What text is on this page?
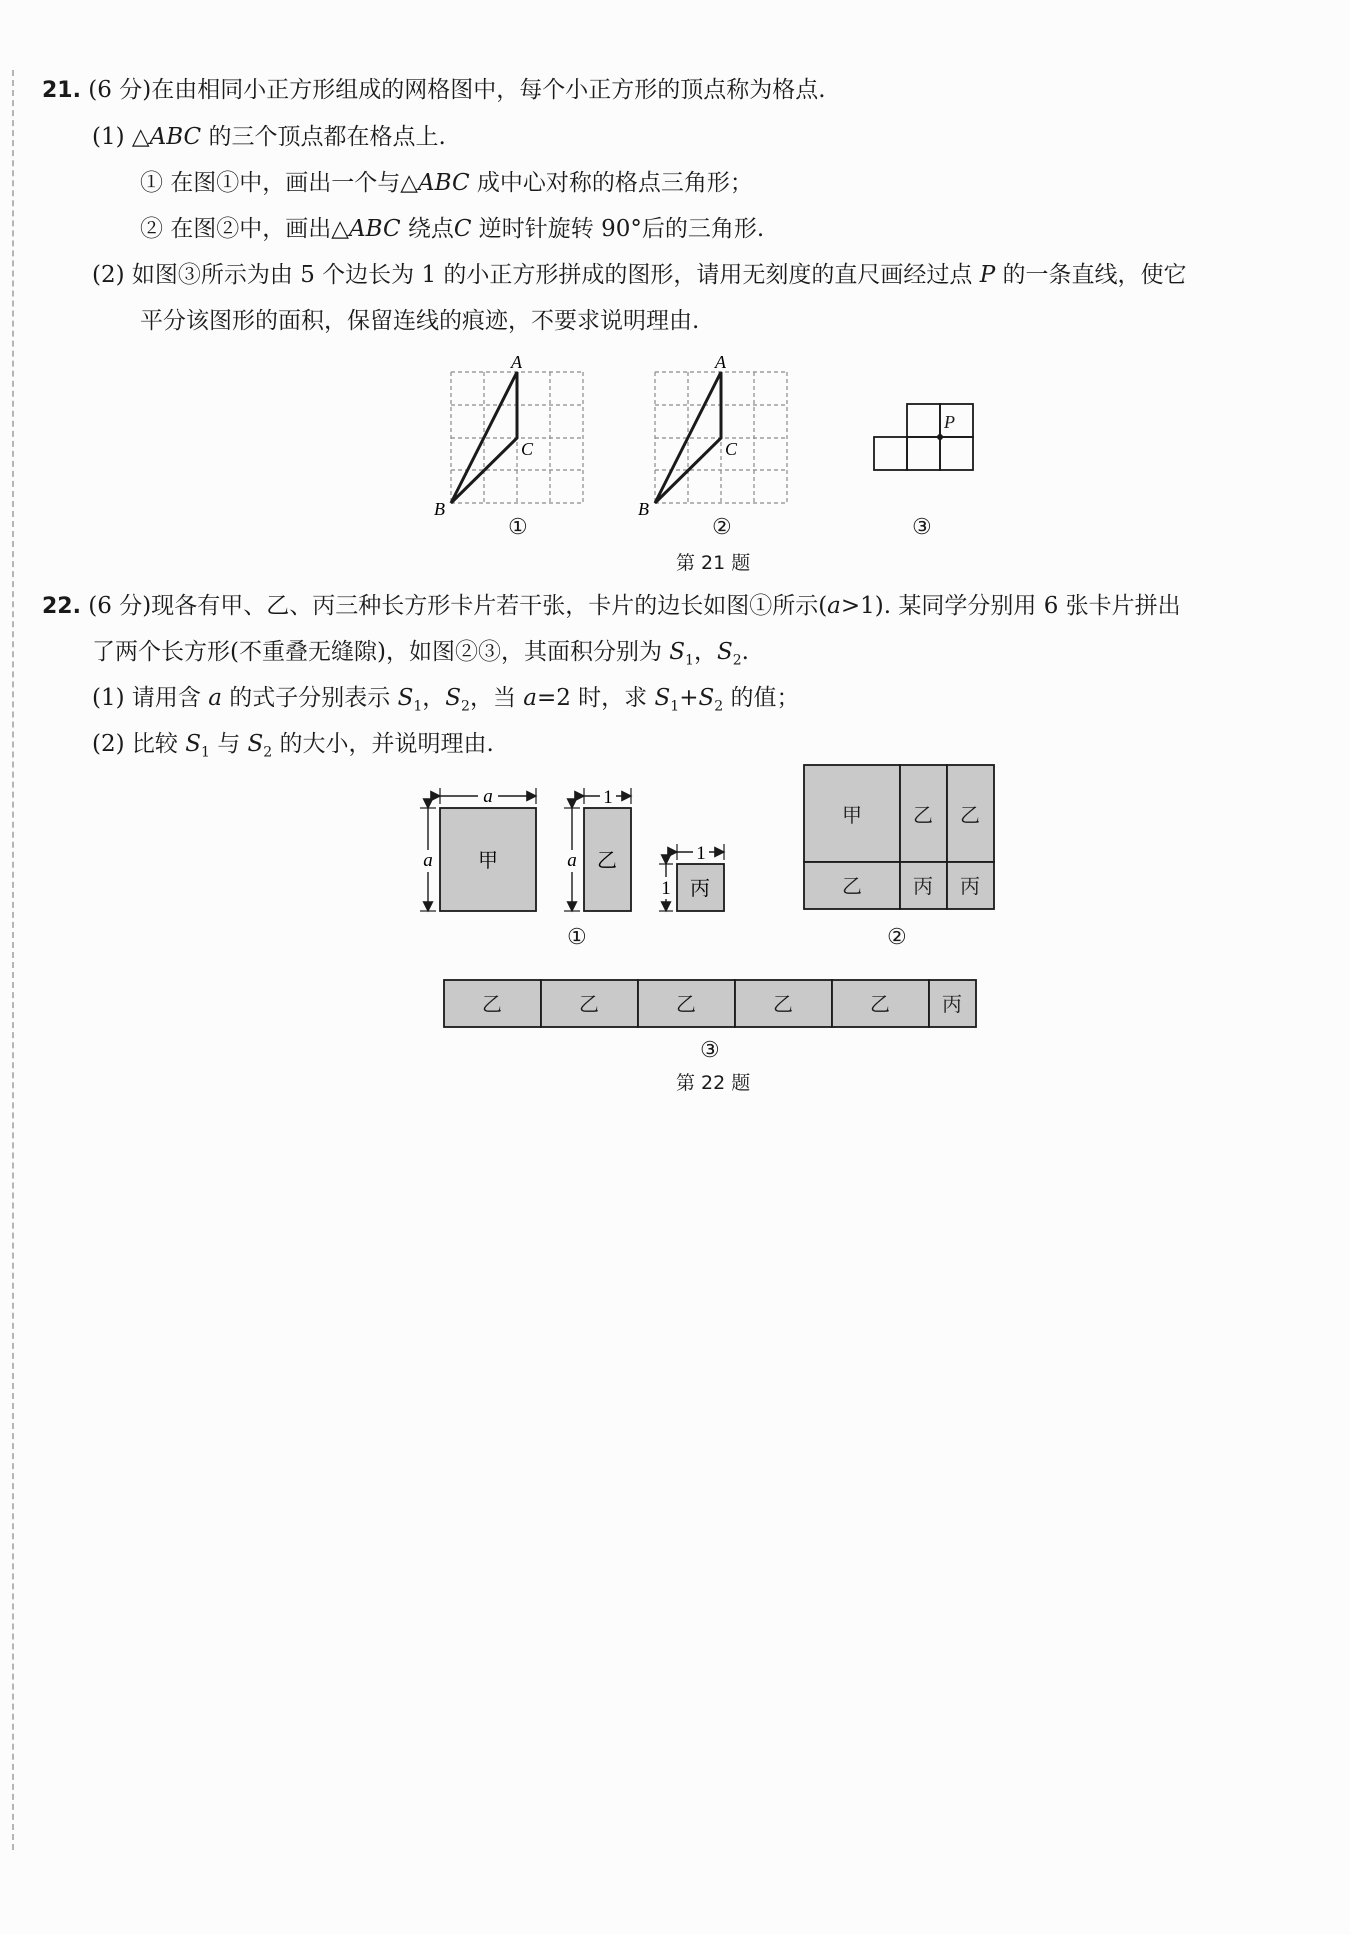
21. (6 分)在由相同小正方形组成的网格图中，每个小正方形的顶点称为格点.
(1) △ABC 的三个顶点都在格点上.
① 在图①中，画出一个与△ABC 成中心对称的格点三角形；
② 在图②中，画出△ABC 绕点C 逆时针旋转 90°后的三角形.
(2) 如图③所示为由 5 个边长为 1 的小正方形拼成的图形，请用无刻度的直尺画经过点 P 的一条直线，使它
平分该图形的面积，保留连线的痕迹，不要求说明理由.
A
C
B
A
C
B
P
①	②	③
第 21 题
22. (6 分)现各有甲、乙、丙三种长方形卡片若干张，卡片的边长如图①所示(a>1). 某同学分别用 6 张卡片拼出
了两个长方形(不重叠无缝隙)，如图②③，其面积分别为 $S_1$，$S_2$.
(1) 请用含 a 的式子分别表示 $S_1$，$S_2$，当 a=2 时，求 $S_1+S_2$ 的值；
(2) 比较 $S_1$ 与 $S_2$ 的大小，并说明理由.
甲
a
a	乙
1
a
丙
1
1
甲	乙 乙
乙	丙 丙
乙	乙	乙	乙	乙	丙
①	②
③
第 22 题
